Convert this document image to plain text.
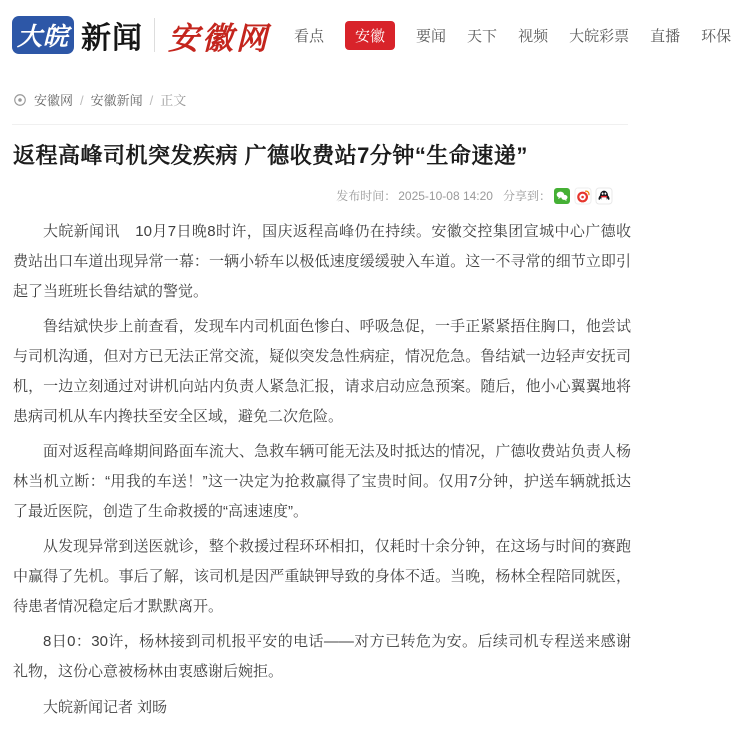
大皖 新闻 安徽网 看点	安徽	要闻 天下 视频 大皖彩票 直播 环保
安徽网 / 安徽新闻 / 正文
返程高峰司机突发疾病 广德收费站7分钟“生命速递”
发布时间： 2025-10-08 14:20 分享到：

大皖新闻讯　10月7日晚8时许，国庆返程高峰仍在持续。安徽交控集团宣城中心广德收费站出口车道出现异常一幕：一辆小轿车以极低速度缓缓驶入车道。这一不寻常的细节立即引起了当班班长鲁结斌的警觉。

鲁结斌快步上前查看，发现车内司机面色惨白、呼吸急促，一手正紧紧捂住胸口，他尝试与司机沟通，但对方已无法正常交流，疑似突发急性病症，情况危急。鲁结斌一边轻声安抚司机，一边立刻通过对讲机向站内负责人紧急汇报，请求启动应急预案。随后，他小心翼翼地将患病司机从车内搀扶至安全区域，避免二次危险。

面对返程高峰期间路面车流大、急救车辆可能无法及时抵达的情况，广德收费站负责人杨林当机立断：“用我的车送！”这一决定为抢救赢得了宝贵时间。仅用7分钟，护送车辆就抵达了最近医院，创造了生命救援的“高速速度”。

从发现异常到送医就诊，整个救援过程环环相扣，仅耗时十余分钟，在这场与时间的赛跑中赢得了先机。事后了解，该司机是因严重缺钾导致的身体不适。当晚，杨林全程陪同就医，待患者情况稳定后才默默离开。

8日0：30许，杨林接到司机报平安的电话——对方已转危为安。后续司机专程送来感谢礼物，这份心意被杨林由衷感谢后婉拒。

大皖新闻记者 刘旸
